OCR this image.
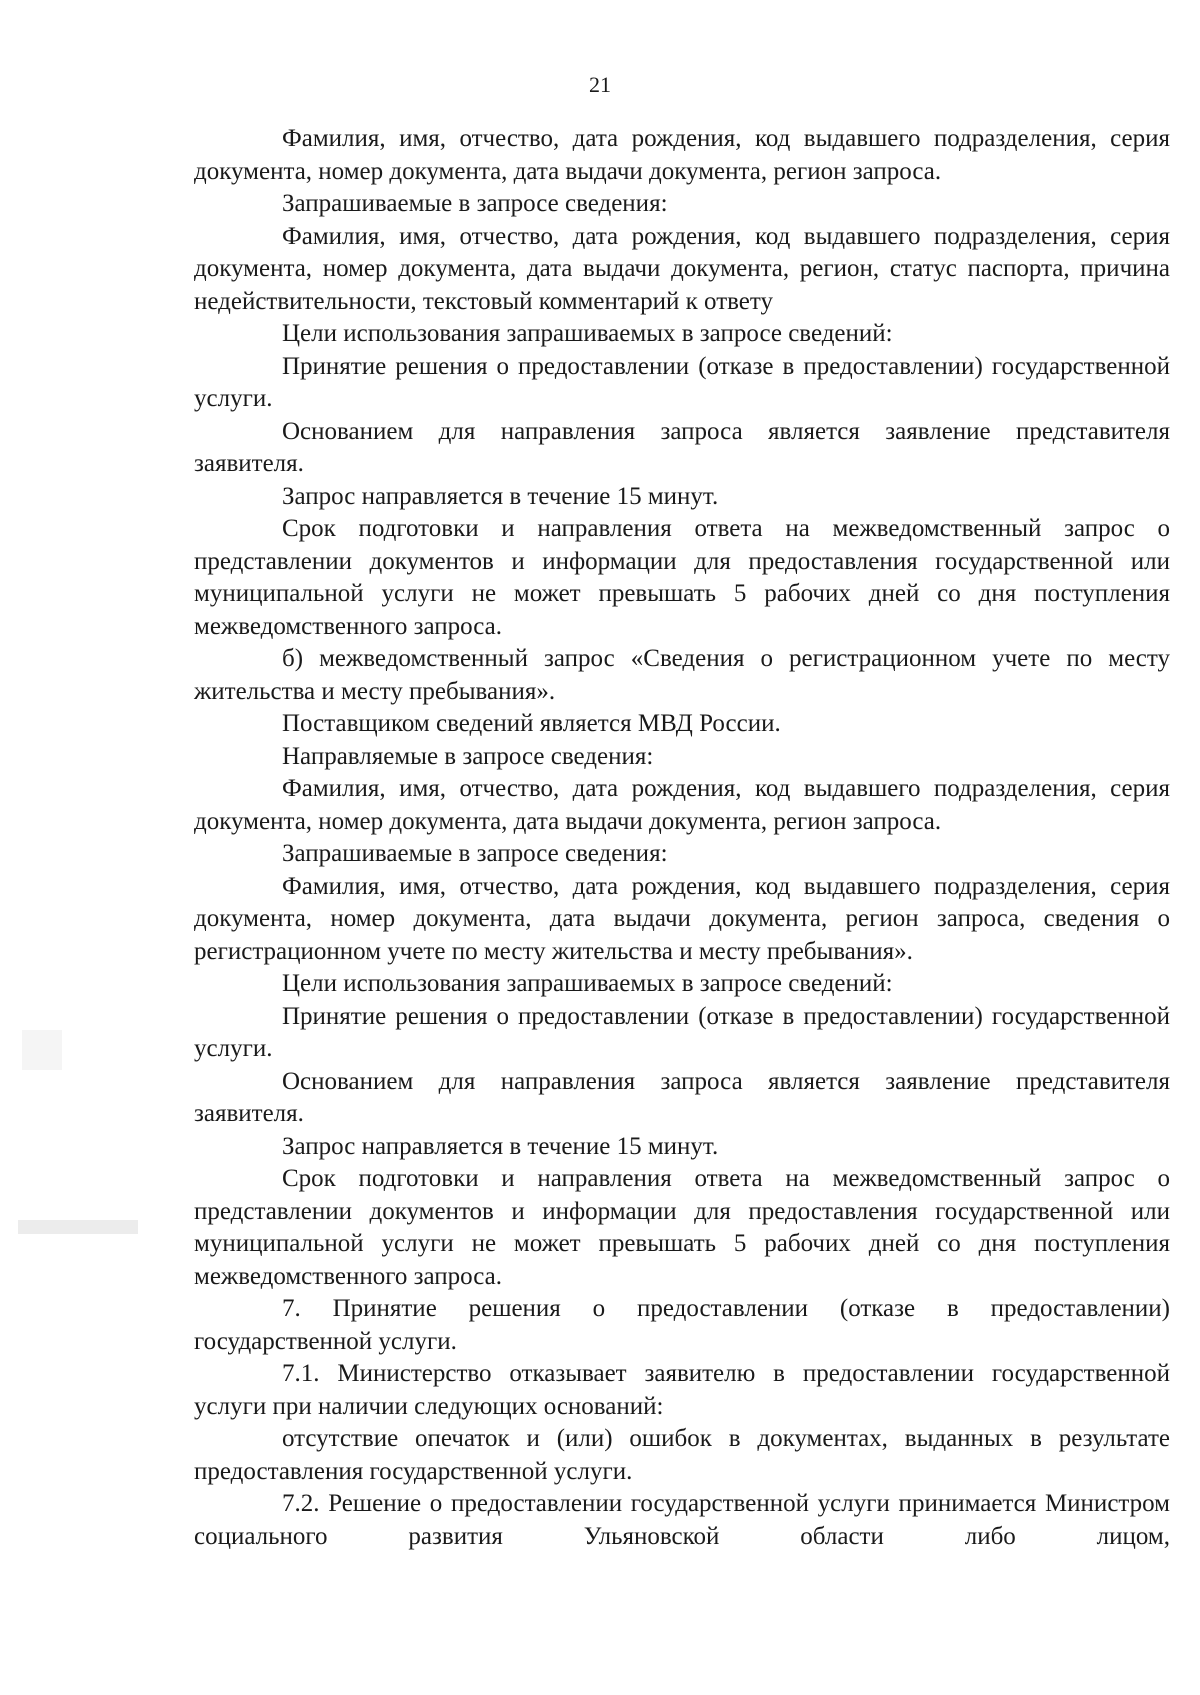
21

Фамилия, имя, отчество, дата рождения, код выдавшего подразделения, серия документа, номер документа, дата выдачи документа, регион запроса.

Запрашиваемые в запросе сведения:

Фамилия, имя, отчество, дата рождения, код выдавшего подразделения, серия документа, номер документа, дата выдачи документа, регион, статус паспорта, причина недействительности, текстовый комментарий к ответу

Цели использования запрашиваемых в запросе сведений:

Принятие решения о предоставлении (отказе в предоставлении) государственной услуги.

Основанием для направления запроса является заявление представителя заявителя.

Запрос направляется в течение 15 минут.

Срок подготовки и направления ответа на межведомственный запрос о представлении документов и информации для предоставления государственной или муниципальной услуги не может превышать 5 рабочих дней со дня поступления межведомственного запроса.

б) межведомственный запрос «Сведения о регистрационном учете по месту жительства и месту пребывания».

Поставщиком сведений является МВД России.

Направляемые в запросе сведения:

Фамилия, имя, отчество, дата рождения, код выдавшего подразделения, серия документа, номер документа, дата выдачи документа, регион запроса.

Запрашиваемые в запросе сведения:

Фамилия, имя, отчество, дата рождения, код выдавшего подразделения, серия документа, номер документа, дата выдачи документа, регион запроса, сведения о регистрационном учете по месту жительства и месту пребывания».

Цели использования запрашиваемых в запросе сведений:

Принятие решения о предоставлении (отказе в предоставлении) государственной услуги.

Основанием для направления запроса является заявление представителя заявителя.

Запрос направляется в течение 15 минут.

Срок подготовки и направления ответа на межведомственный запрос о представлении документов и информации для предоставления государственной или муниципальной услуги не может превышать 5 рабочих дней со дня поступления межведомственного запроса.

7. Принятие решения о предоставлении (отказе в предоставлении) государственной услуги.

7.1. Министерство отказывает заявителю в предоставлении государственной услуги при наличии следующих оснований:

отсутствие опечаток и (или) ошибок в документах, выданных в результате предоставления государственной услуги.

7.2. Решение о предоставлении государственной услуги принимается Министром социального развития Ульяновской области либо лицом,
